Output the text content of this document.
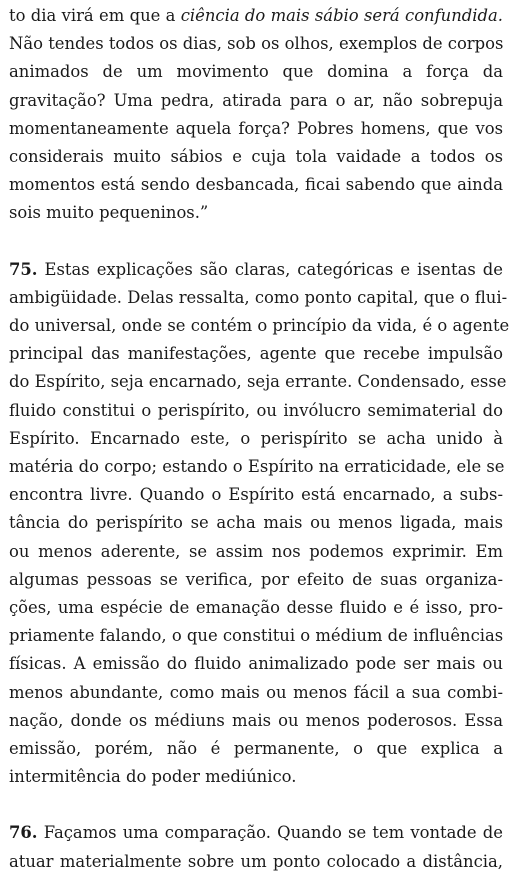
to dia virá em que a ciência do mais sábio será confundida.
Não tendes todos os dias, sob os olhos, exemplos de corpos
animados de um movimento que domina a força da
gravitação? Uma pedra, atirada para o ar, não sobrepuja
momentaneamente aquela força? Pobres homens, que vos
considerais muito sábios e cuja tola vaidade a todos os
momentos está sendo desbancada, ficai sabendo que ainda
sois muito pequeninos.”
75. Estas explicações são claras, categóricas e isentas de
ambigüidade. Delas ressalta, como ponto capital, que o flui-
do universal, onde se contém o princípio da vida, é o agente
principal das manifestações, agente que recebe impulsão
do Espírito, seja encarnado, seja errante. Condensado, esse
fluido constitui o perispírito, ou invólucro semimaterial do
Espírito. Encarnado este, o perispírito se acha unido à
matéria do corpo; estando o Espírito na erraticidade, ele se
encontra livre. Quando o Espírito está encarnado, a subs-
tância do perispírito se acha mais ou menos ligada, mais
ou menos aderente, se assim nos podemos exprimir. Em
algumas pessoas se verifica, por efeito de suas organiza-
ções, uma espécie de emanação desse fluido e é isso, pro-
priamente falando, o que constitui o médium de influências
físicas. A emissão do fluido animalizado pode ser mais ou
menos abundante, como mais ou menos fácil a sua combi-
nação, donde os médiuns mais ou menos poderosos. Essa
emissão, porém, não é permanente, o que explica a
intermitência do poder mediúnico.
76. Façamos uma comparação. Quando se tem vontade de
atuar materialmente sobre um ponto colocado a distância,
